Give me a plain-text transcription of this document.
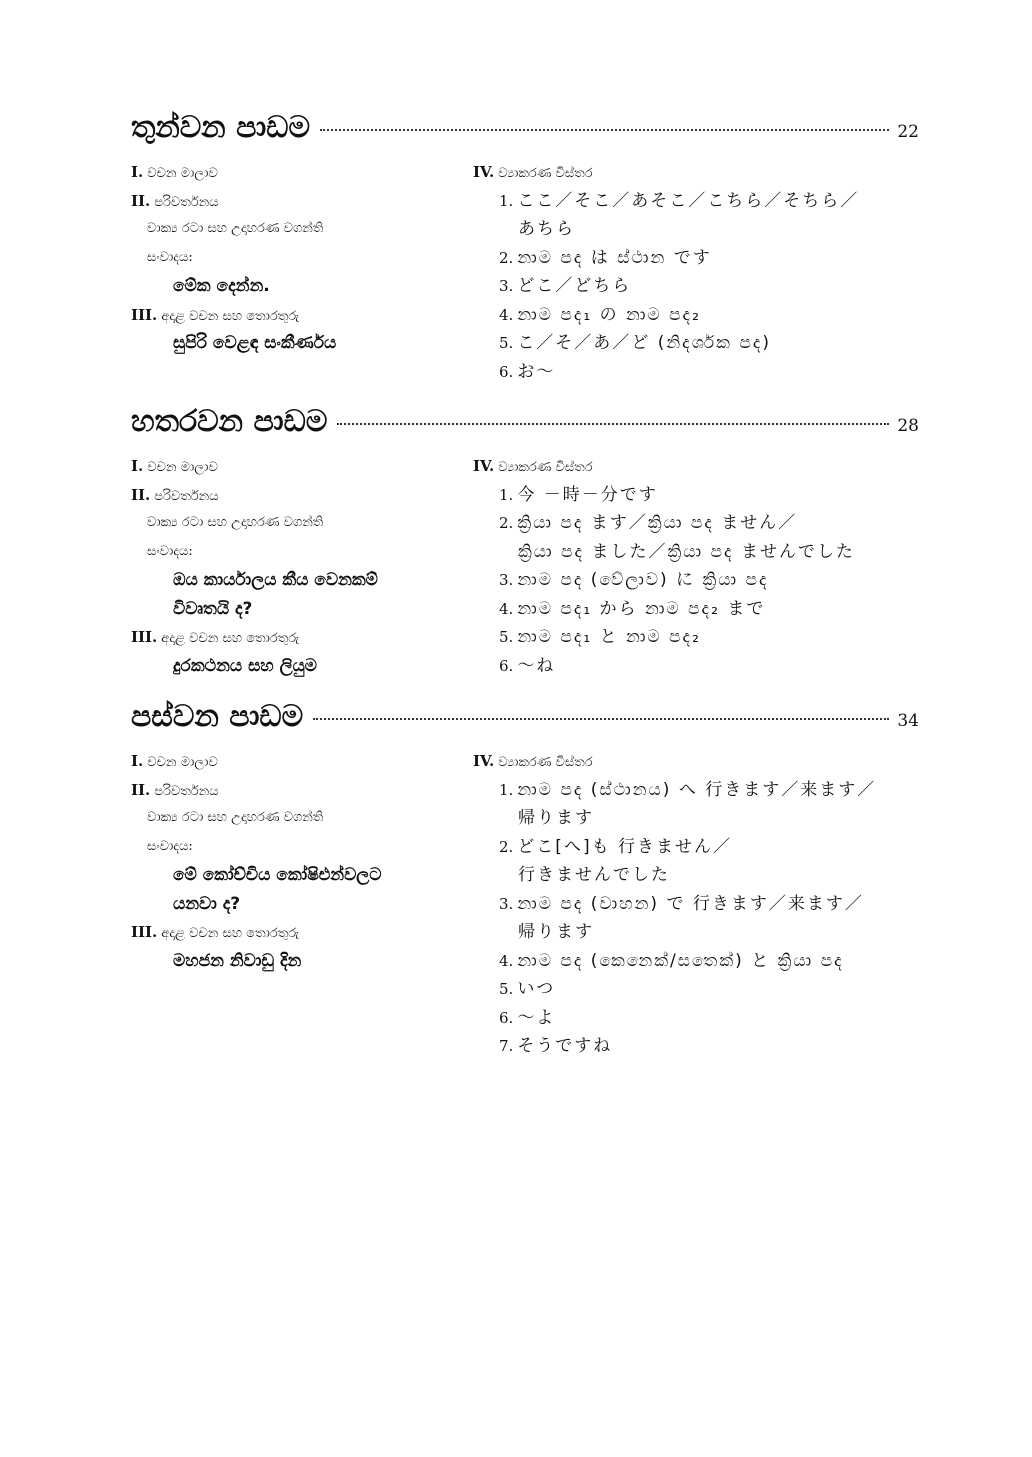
තුන්වන පාඩම	22
I. වචන මාලාව
II. පරිවර්තනය
වාක්‍ය රටා සහ උදාහරණ වගන්ති
සංවාදය:
මේක දෙන්න.
III. අදාළ වචන සහ තොරතුරු
සුපිරි වෙළඳ සංකීර්ණය
IV. ව්‍යාකරණ විස්තර
1. ここ／そこ／あそこ／こちら／そちら／
あちら
2. නාම පද は ස්ථාන です
3. どこ／どちら
4. නාම පද₁ の නාම පද₂
5. こ／そ／あ／ど (නිදර්ශක පද)
6. お～
හතරවන පාඩම	28
I. වචන මාලාව
II. පරිවර්තනය
වාක්‍ය රටා සහ උදාහරණ වගන්ති
සංවාදය:
ඔය කාර්යාලය කීය වෙනකම්
විවෘතයි ද?
III. අදාළ වචන සහ තොරතුරු
දුරකථනය සහ ලියුම
IV. ව්‍යාකරණ විස්තර
1. 今 －時－分です
2. ක්‍රියා පද ます／ක්‍රියා පද ません／
ක්‍රියා පද ました／ක්‍රියා පද ませんでした
3. නාම පද (වේලාව) に ක්‍රියා පද
4. නාම පද₁ から නාම පද₂ まで
5. නාම පද₁ と නාම පද₂
6. ～ね
පස්වන පාඩම	34
I. වචන මාලාව
II. පරිවර්තනය
වාක්‍ය රටා සහ උදාහරණ වගන්ති
සංවාදය:
මේ කෝච්චිය කෝෂිඑන්වලට
යනවා ද?
III. අදාළ වචන සහ තොරතුරු
මහජන නිවාඩු දින
IV. ව්‍යාකරණ විස්තර
1. නාම පද (ස්ථානය) へ 行きます／来ます／
帰ります
2. どこ[へ]も 行きません／
行きませんでした
3. නාම පද (වාහන) で 行きます／来ます／
帰ります
4. නාම පද (කෙනෙක්/සතෙක්) と ක්‍රියා පද
5. いつ
6. ～よ
7. そうですね
